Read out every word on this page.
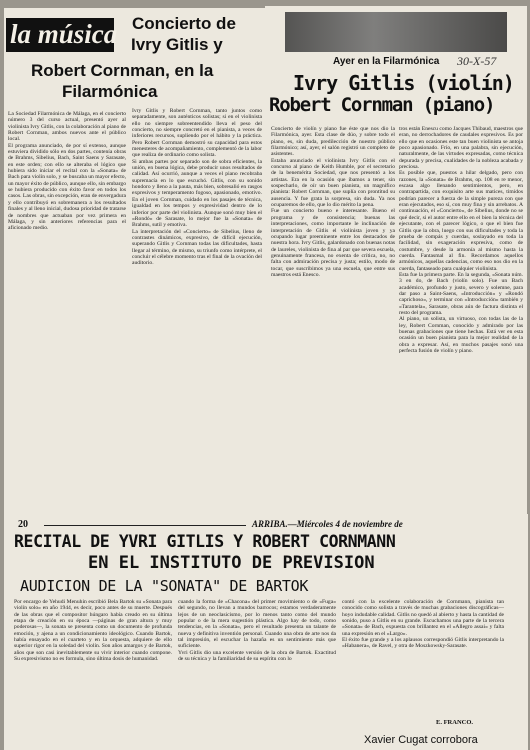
la música Concierto de
Ivry Gitlis y
Robert Cornman, en la
Filarmónica

La Sociedad Filarmónica de Málaga, en el concierto número 3 del curso actual, presentó ayer al violinista Ivry Gitlis, con la colaboración al piano de Robert Cornman, ambos nuevos ante el público local.
El programa anunciado, de por sí extenso, aunque estuviera dividido sólo en dos partes, contenía obras de Brahms, Sibelius, Bach, Saint Saens y Sarasate, en este orden; con ello se alteraba el lógico que hubiera sido iniciar el recital con la «Sonata» de Bach para violín solo, y se buscaba un mayor efecto, un mayor éxito de público, aunque ello, sin embargo se hubiera producido con éxito favor en todos los casos. Las obras, sin excepción, eran de envergadura y ello contribuyó en sobremanera a los resultados finales y al lleno inicial, dudosa prioridad de tratarse de nombres que actuaban por vez primera en Málaga, y sin anteriores referencias para el aficionado medio.

Ivry Gitlis y Robert Cornman, tanto juntos como separadamente, son auténticos solistas; si en el violinista ello no siempre sobreentendido lleva el peso del concierto, no siempre concretó en el pianista, a veces de inferiores recursos, supliendo por el hábito y la práctica. Pero Robert Cornman demostró su capacidad para estos menesteres de acompañamiento, complementó de la labor que realiza de ordinario como solista.
Si ambas partes por separado son de sobra eficientes, la unión, en buena lógica, debe producir unos resultados de calidad. Así ocurrió, aunque a veces el piano recobraba supremacía en lo que escuchó. Gitlis, con su sonido hondoro y lleno a la pauta, más bien, sobresalió en rasgos expresivos y temperamento fogoso, apasionado, emotivo. En el joven Cornman, cuidado en los pasajes de técnica, igualdad en los tempos y expresividad dentro de lo inferior por parte del violinista. Aunque sonó muy bien el «Rondó» de Sarasate, lo mejor fue la «Sonata» de Brahms, sutil y emotiva.
La interpretación del «Concierto» de Sibelius, lleno de contrastes dinámicos, expresivo, de difícil ejecución, superando Gitlis y Cornman todas las dificultades, hasta llegar al término, de mismo, su triunfo como intérprete, el concluir el célebre momento tras el final de la ovación del auditorio.

Ayer en la Filarmónica 30-X-57
Ivry Gitlis (violín)
Robert Cornman (piano)

Concierto de violín y piano fue éste que nos dio la Filarmónica, ayer. Esta clase de dúo, y sobre todo el piano, es, sin duda, predilección de nuestro público filarmónico; así, ayer, el salón registró un completo de asistentes.
Estaba anunciado el violinista Ivry Gitlis con el concurso al piano de Keith Humble, por el secretario de la benemérita Sociedad, que nos presentó a los artistas. Era en la ocasión que íbamos a tener, sin sospecharlo, de oír un buen pianista, un magnífico pianista: Robert Cornman, que suplía con prontitud su ausencia. Y fue grata la sorpresa, sin duda. Ya nos ocuparemos de ello, que lo dio mérito la pena.
Fue un concierto bueno e interesante. Bueno el programa y de consistencia; buenas las interpretaciones, como importante le inclinación de interpretación de Gitlis el violinista joven y ya ocupando lugar preeminente entre los destacados de nuestra hora. Ivry Gitlis, galardonado con buenas notas de laureles, violinista de fina al par que severa escuela, genuinamente francesa, no exenta de crítica, no, no falta con admiración precisa y justa; estilo, modo de tocar, que suscribimos ya una escuela, que entre sus maestros está Enesco.

tros están Enescu como Jacques Thibaud, maestros que eran, no derrochadores de caudales expresivos. Es por ello que en ocasiones este tan buen violinista se antoja poco apasionado. Frío, en una palabra, sin ejecución, naturalmente, de las virtudes expresadas, como técnica depurada y precisa, cualidades de la nobleza acabada y preciosa.
Es posible que, puestos a hilar delgado, pero con razones, la «Sonata» de Brahms, op. 108 en re menor, escasa algo llenando sentimientos, pero, en contrapartida, con exquisito arte sus matices, timidos podrían parecer a fuerza de la simple pureza con que eran ejecutados, eso sí, con muy fina y sin arrebatos. A continuación, el «Concierto», de Sibelius, donde no se qué decir, si el autor entre ello en el bien la técnica del ejecutante, con el parecer lógico, o que el bien fue Gitlis que la obra, luego con sus dificultades y toda la prueba de compás y cuerdas, soslayado en toda la facilidad, sin exageración expresiva, como de costumbre, y desde la armonía al mismo hasta la cuerda. Fantasmal al fin. Recordamos aquellos armónicos, aquellas cadencias, como eso nos dio en la cuerda, fantaseado para cualquier violinista.
Esta fue la primera parte. En la segunda, «Sonata núm. 3 en do, de Bach (violín solo). Fue un Bach académico, profundo y justo, severo y solemne, para dar paso a Saint-Saens, «Introducción» y «Rondó caprichoso», y terminar con «Introducción» también y «Tarantela», Sarasate, obras aún de factura distinta el resto del programa.
Al piano, un solista, un virtuoso, con todas las de la ley, Robert Cornman, conocido y admirado por las buenas grabaciones que tiene hechas. Está ver en esta ocasión un buen pianista para la mejor realidad de la obra a expresar. Así, en muchos pasajes sonó una perfecta fusión de violín y piano.

20	ARRIBA.—Miércoles 4 de noviembre de
RECITAL DE YVRI GITLIS Y ROBERT CORNMANN
EN EL INSTITUTO DE PREVISION
AUDICION DE LA "SONATA" DE BARTOK

Por encargo de Yehudi Menuhin escribió Bela Bartok su «Sonata para violín solo» en año 1944, es decir, poco antes de su muerte. Después de las obras que el compositor húngaro había creado en su última etapa de creación en su época —páginas de gran altura y muy poderosas—, la sonata se presenta como un documento de profunda emoción, y ajena a un condicionamiento ideológico. Cuando Bartok, había ensayado en el cuarteto y en la orquesta, adquiere de ello superior rigor en la soledad del violín. Son años amargos y de Bartok, años que son casi inevitablemente su vivir interior cuando compone. Su expresivismo no es formula, sino última dosis de humanidad.

cuando la forma de «Chacona» del primer movimiento o de «Fuga» del segundo, no llevan a mundos barrocos; estamos verdaderamente lejos de un neoclasicismo, por lo menos tanto como del mundo popular o de la mera sugestión plástica. Algo hay de todo, como tendencias, en la «Sonata», pero el resultado presenta un talante de nueva y definitiva inventión personal. Cuando una obra de arte nos da tal impresión, el escuchar la hazaña es un sentimiento más que suficiente.
Yvri Gitlis dio una excelente versión de la obra de Bartok. Exactitud de su técnica y la familiaridad de su espíritu con lo

contó con la excelente colaboración de Cornmann, pianista tan conocido como solista a través de muchas grabaciones discográficas—hoyo indudable calidad. Gitlis no quedó al abierto y hasta la cantidad de sonido, puso a Gitlis en su grande. Escuchamos una parte de la tercera «Sonata» de Bach, expuesta con brillantez en el «Allegro assai» y falta una expresión en el «Largo».
El éxito fue grande y a los aplausos correspondió Gitlis interpretando la «Habanera», de Ravel, y otra de Moszkowsky-Sarasate.

E. FRANCO.
Xavier Cugat corrobora
